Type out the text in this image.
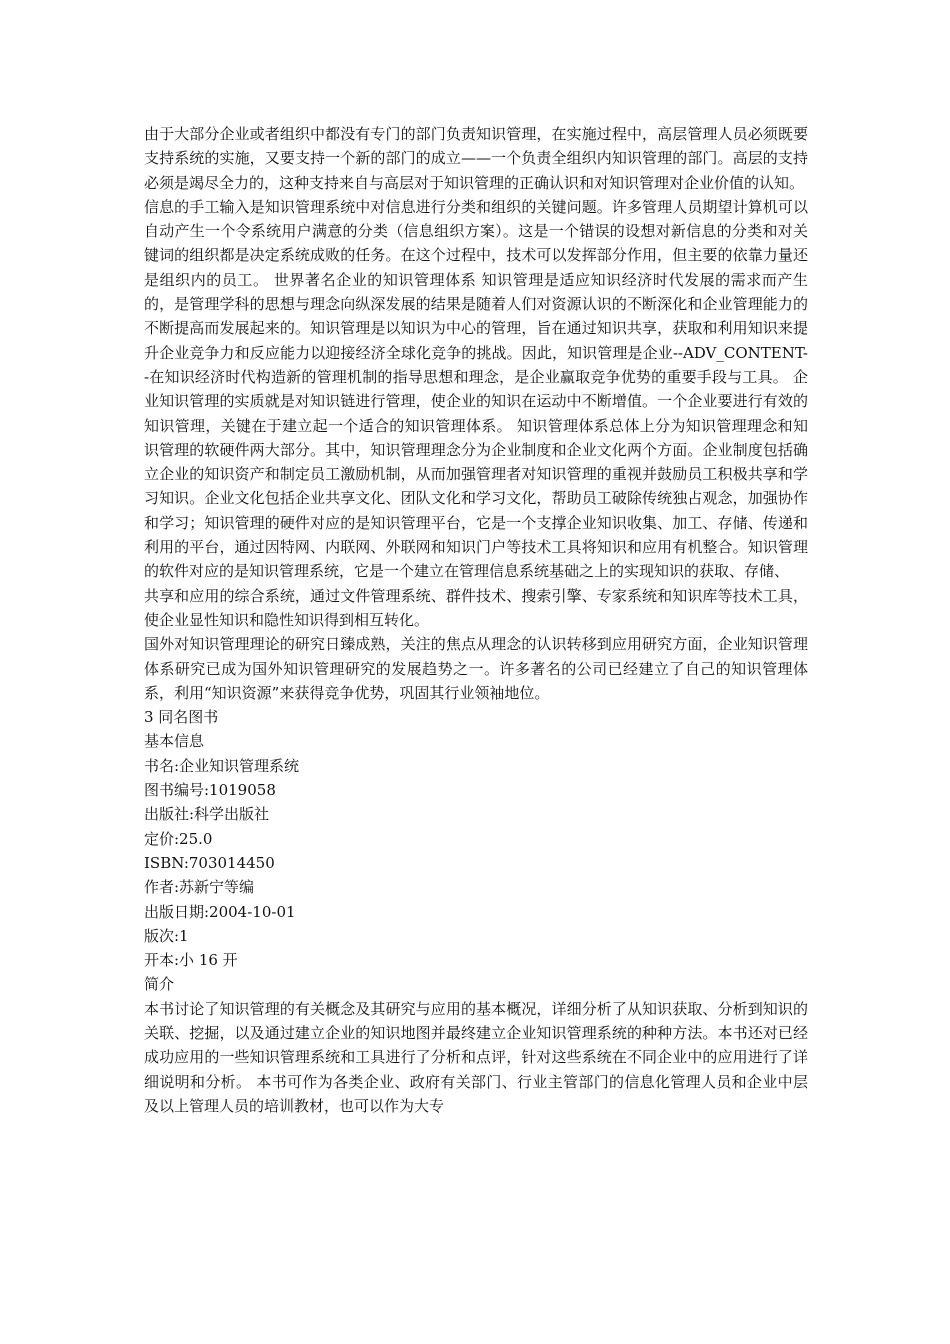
由于大部分企业或者组织中都没有专门的部门负责知识管理，在实施过程中，高层管理人员必须既要支持系统的实施，又要支持一个新的部门的成立——一个负责全组织内知识管理的部门。高层的支持必须是竭尽全力的，这种支持来自与高层对于知识管理的正确认识和对知识管理对企业价值的认知。

信息的手工输入是知识管理系统中对信息进行分类和组织的关键问题。许多管理人员期望计算机可以自动产生一个令系统用户满意的分类（信息组织方案）。这是一个错误的设想对新信息的分类和对关键词的组织都是决定系统成败的任务。在这个过程中，技术可以发挥部分作用，但主要的依靠力量还是组织内的员工。 世界著名企业的知识管理体系 知识管理是适应知识经济时代发展的需求而产生的，是管理学科的思想与理念向纵深发展的结果是随着人们对资源认识的不断深化和企业管理能力的不断提高而发展起来的。知识管理是以知识为中心的管理，旨在通过知识共享，获取和利用知识来提升企业竞争力和反应能力以迎接经济全球化竞争的挑战。因此，知识管理是企业--ADV_CONTENT--在知识经济时代构造新的管理机制的指导思想和理念，是企业赢取竞争优势的重要手段与工具。 企业知识管理的实质就是对知识链进行管理，使企业的知识在运动中不断增值。一个企业要进行有效的知识管理，关键在于建立起一个适合的知识管理体系。 知识管理体系总体上分为知识管理理念和知识管理的软硬件两大部分。其中，知识管理理念分为企业制度和企业文化两个方面。企业制度包括确立企业的知识资产和制定员工激励机制，从而加强管理者对知识管理的重视并鼓励员工积极共享和学习知识。企业文化包括企业共享文化、团队文化和学习文化，帮助员工破除传统独占观念，加强协作和学习；知识管理的硬件对应的是知识管理平台，它是一个支撑企业知识收集、加工、存储、传递和利用的平台，通过因特网、内联网、外联网和知识门户等技术工具将知识和应用有机整合。知识管理的软件对应的是知识管理系统，它是一个建立在管理信息系统基础之上的实现知识的获取、存储、

共享和应用的综合系统，通过文件管理系统、群件技术、搜索引擎、专家系统和知识库等技术工具，使企业显性知识和隐性知识得到相互转化。

国外对知识管理理论的研究日臻成熟，关注的焦点从理念的认识转移到应用研究方面，企业知识管理体系研究已成为国外知识管理研究的发展趋势之一。许多著名的公司已经建立了自己的知识管理体系，利用“知识资源”来获得竞争优势，巩固其行业领袖地位。

3 同名图书

基本信息

书名:企业知识管理系统

图书编号:1019058

出版社:科学出版社

定价:25.0

ISBN:703014450

作者:苏新宁等编

出版日期:2004-10-01

版次:1

开本:小 16 开

简介

本书讨论了知识管理的有关概念及其研究与应用的基本概况，详细分析了从知识获取、分析到知识的关联、挖掘，以及通过建立企业的知识地图并最终建立企业知识管理系统的种种方法。本书还对已经成功应用的一些知识管理系统和工具进行了分析和点评，针对这些系统在不同企业中的应用进行了详细说明和分析。 本书可作为各类企业、政府有关部门、行业主管部门的信息化管理人员和企业中层及以上管理人员的培训教材，也可以作为大专
